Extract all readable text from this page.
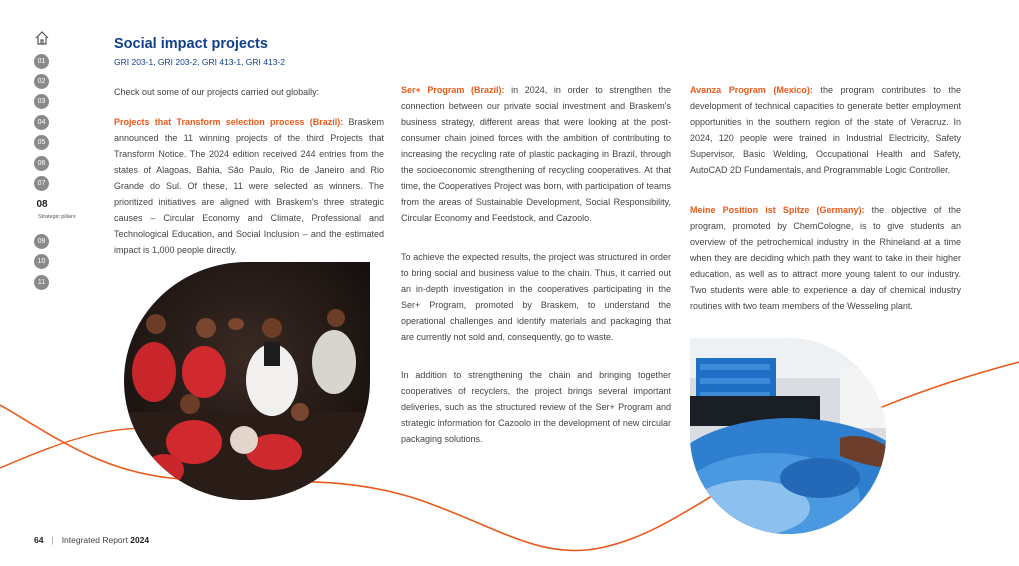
01
02
03
04
05
06
07
08
Strategic pillars
09
10
11
Social impact projects
GRI 203-1, GRI 203-2, GRI 413-1, GRI 413-2
Check out some of our projects carried out globally:
Projects that Transform selection process (Brazil): Braskem announced the 11 winning projects of the third Projects that Transform Notice. The 2024 edition received 244 entries from the states of Alagoas, Bahia, São Paulo, Rio de Janeiro and Rio Grande do Sul. Of these, 11 were selected as winners. The prioritized initiatives are aligned with Braskem's three strategic causes – Circular Economy and Climate, Professional and Technological Education, and Social Inclusion – and the estimated impact is 1,000 people directly.
Ser+ Program (Brazil): in 2024, in order to strengthen the connection between our private social investment and Braskem's business strategy, different areas that were looking at the post-consumer chain joined forces with the ambition of contributing to increasing the recycling rate of plastic packaging in Brazil, through the socioeconomic strengthening of recycling cooperatives. At that time, the Cooperatives Project was born, with participation of teams from the areas of Sustainable Development, Social Responsibility, Circular Economy and Feedstock, and Cazoolo.
To achieve the expected results, the project was structured in order to bring social and business value to the chain. Thus, it carried out an in-depth investigation in the cooperatives participating in the Ser+ Program, promoted by Braskem, to understand the operational challenges and identify materials and packaging that are currently not sold and, consequently, go to waste.
In addition to strengthening the chain and bringing together cooperatives of recyclers, the project brings several important deliveries, such as the structured review of the Ser+ Program and strategic information for Cazoolo in the development of new circular packaging solutions.
Avanza Program (Mexico): the program contributes to the development of technical capacities to generate better employment opportunities in the southern region of the state of Veracruz. In 2024, 120 people were trained in Industrial Electricity, Safety Supervisor, Basic Welding, Occupational Health and Safety, AutoCAD 2D Fundamentals, and Programmable Logic Controller.
Meine Position ist Spitze (Germany): the objective of the program, promoted by ChemCologne, is to give students an overview of the petrochemical industry in the Rhineland at a time when they are deciding which path they want to take in their higher education, as well as to attract more young talent to our industry. Two students were able to experience a day of chemical industry routines with two team members of the Wesseling plant.
64 | Integrated Report 2024
